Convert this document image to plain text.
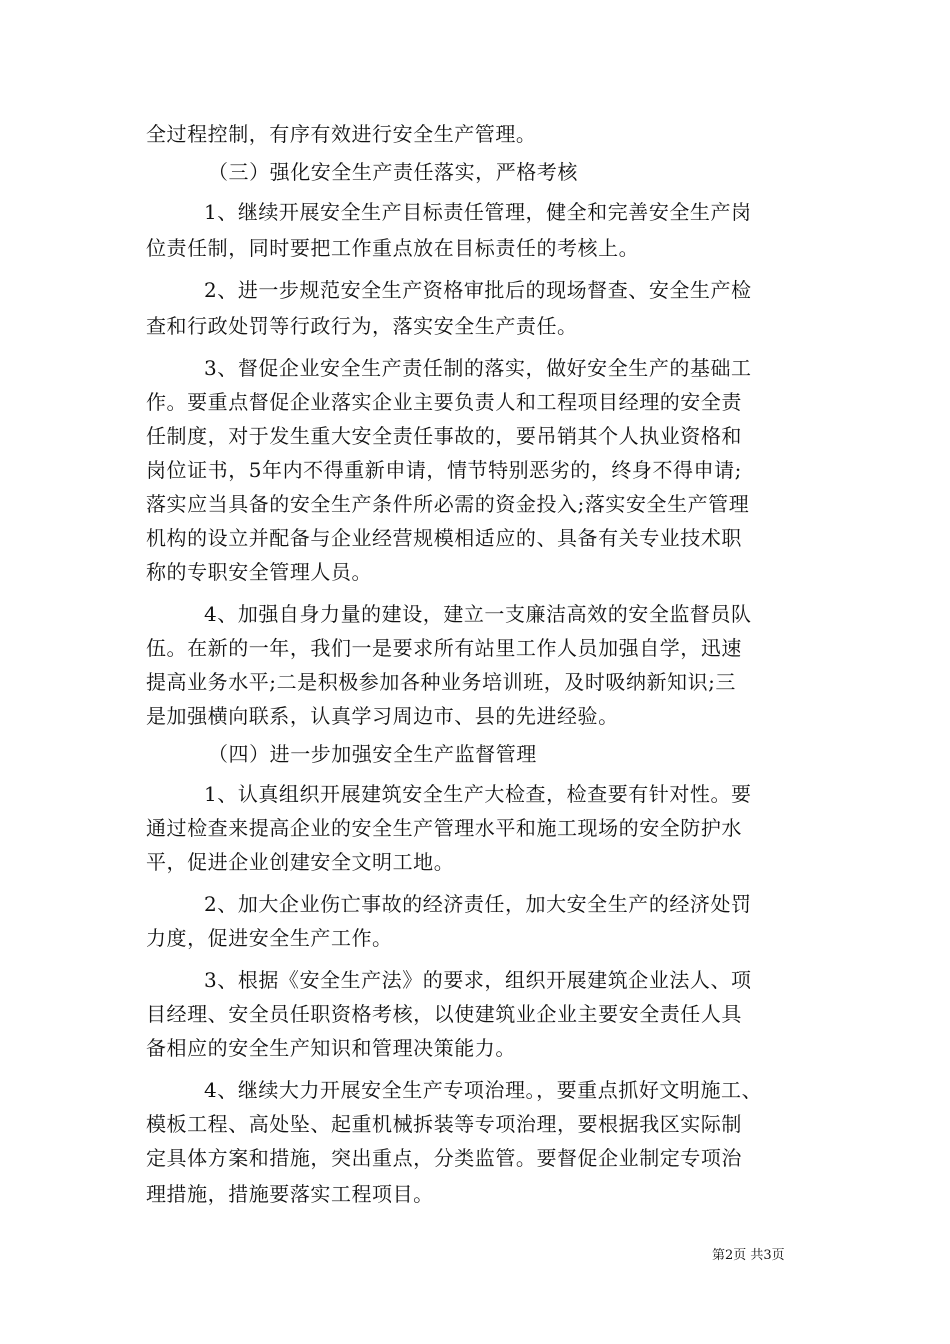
全过程控制，有序有效进行安全生产管理。
（三）强化安全生产责任落实，严格考核
1、继续开展安全生产目标责任管理，健全和完善安全生产岗
位责任制，同时要把工作重点放在目标责任的考核上。
2、进一步规范安全生产资格审批后的现场督查、安全生产检
查和行政处罚等行政行为，落实安全生产责任。
3、督促企业安全生产责任制的落实，做好安全生产的基础工
作。要重点督促企业落实企业主要负责人和工程项目经理的安全责
任制度，对于发生重大安全责任事故的，要吊销其个人执业资格和
岗位证书，5年内不得重新申请，情节特别恶劣的，终身不得申请;
落实应当具备的安全生产条件所必需的资金投入;落实安全生产管理
机构的设立并配备与企业经营规模相适应的、具备有关专业技术职
称的专职安全管理人员。
4、加强自身力量的建设，建立一支廉洁高效的安全监督员队
伍。在新的一年，我们一是要求所有站里工作人员加强自学，迅速
提高业务水平;二是积极参加各种业务培训班，及时吸纳新知识;三
是加强横向联系，认真学习周边市、县的先进经验。
（四）进一步加强安全生产监督管理
1、认真组织开展建筑安全生产大检查，检查要有针对性。要
通过检查来提高企业的安全生产管理水平和施工现场的安全防护水
平，促进企业创建安全文明工地。
2、加大企业伤亡事故的经济责任，加大安全生产的经济处罚
力度，促进安全生产工作。
3、根据《安全生产法》的要求，组织开展建筑企业法人、项
目经理、安全员任职资格考核，以使建筑业企业主要安全责任人具
备相应的安全生产知识和管理决策能力。
4、继续大力开展安全生产专项治理。，要重点抓好文明施工、
模板工程、高处坠、起重机械拆装等专项治理，要根据我区实际制
定具体方案和措施，突出重点，分类监管。要督促企业制定专项治
理措施，措施要落实工程项目。
第2页 共3页
